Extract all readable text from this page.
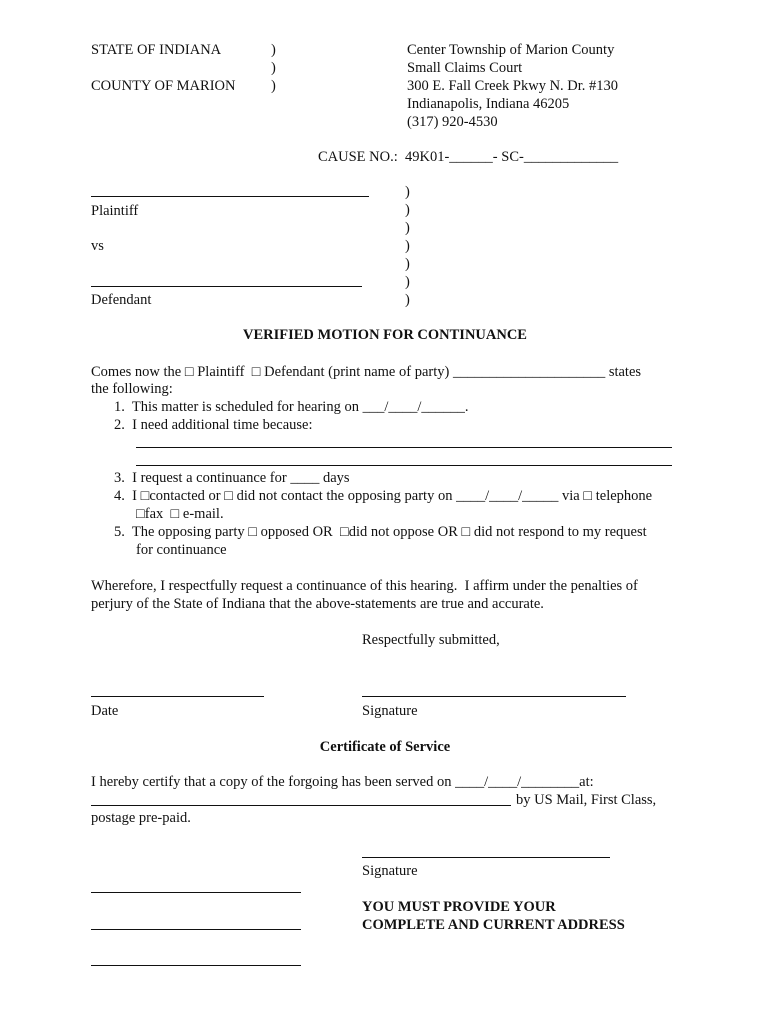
STATE OF INDIANA
COUNTY OF MARION
)
)
)
Center Township of Marion County
Small Claims Court
300 E. Fall Creek Pkwy N. Dr. #130
Indianapolis, Indiana 46205
(317) 920-4530
CAUSE NO.:  49K01-______- SC-_____________
Plaintiff
vs
Defendant
)
)
)
)
)
)
)
VERIFIED MOTION FOR CONTINUANCE
Comes now the □ Plaintiff  □ Defendant (print name of party) _____________________ states
the following:
1.  This matter is scheduled for hearing on ___/____/______.
2.  I need additional time because:
3.  I request a continuance for ____ days
4.  I □contacted or □ did not contact the opposing party on ____/____/_____ via □ telephone
□fax  □ e-mail.
5.  The opposing party □ opposed OR  □did not oppose OR □ did not respond to my request
for continuance
Wherefore, I respectfully request a continuance of this hearing.  I affirm under the penalties of
perjury of the State of Indiana that the above-statements are true and accurate.
Respectfully submitted,
Date	Signature
Certificate of Service
I hereby certify that a copy of the forgoing has been served on ____/____/________at:
by US Mail, First Class,
postage pre-paid.
Signature
YOU MUST PROVIDE YOUR
COMPLETE AND CURRENT ADDRESS
